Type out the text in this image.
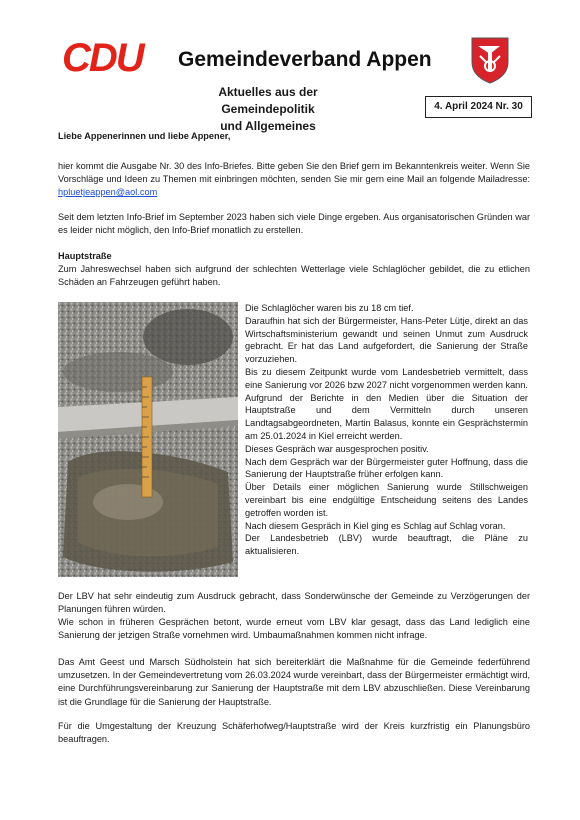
CDU Gemeindeverband Appen
Aktuelles aus der Gemeindepolitik
und Allgemeines
4. April 2024 Nr. 30
Liebe Appenerinnen und liebe Appener,
hier kommt die Ausgabe Nr. 30 des Info-Briefes. Bitte geben Sie den Brief gern im Bekanntenkreis weiter. Wenn Sie Vorschläge und Ideen zu Themen mit einbringen möchten, senden Sie mir gern eine Mail an folgende Mailadresse: hpluetjeappen@aol.com
Seit dem letzten Info-Brief im September 2023 haben sich viele Dinge ergeben. Aus organisatorischen Gründen war es leider nicht möglich, den Info-Brief monatlich zu erstellen.
Hauptstraße
Zum Jahreswechsel haben sich aufgrund der schlechten Wetterlage viele Schlaglöcher gebildet, die zu etlichen Schäden an Fahrzeugen geführt haben.

Die Schlaglöcher waren bis zu 18 cm tief.

Daraufhin hat sich der Bürgermeister, Hans-Peter Lütje, direkt an das Wirtschaftsministerium gewandt und seinen Unmut zum Ausdruck gebracht. Er hat das Land aufgefordert, die Sanierung der Straße vorzuziehen.

Bis zu diesem Zeitpunkt wurde vom Landesbetrieb vermittelt, dass eine Sanierung vor 2026 bzw 2027 nicht vorgenommen werden kann.

Aufgrund der Berichte in den Medien über die Situation der Hauptstraße und dem Vermitteln durch unseren Landtagsabgeordneten, Martin Balasus, konnte ein Gesprächstermin am 25.01.2024 in Kiel erreicht werden.

Dieses Gespräch war ausgesprochen positiv.

Nach dem Gespräch war der Bürgermeister guter Hoffnung, dass die Sanierung der Hauptstraße früher erfolgen kann.

Über Details einer möglichen Sanierung wurde Stillschweigen vereinbart bis eine endgültige Entscheidung seitens des Landes getroffen worden ist.

Nach diesem Gespräch in Kiel ging es Schlag auf Schlag voran.

Der Landesbetrieb (LBV) wurde beauftragt, die Pläne zu aktualisieren.

Der LBV hat sehr eindeutig zum Ausdruck gebracht, dass Sonderwünsche der Gemeinde zu Verzögerungen der Planungen führen würden.
Wie schon in früheren Gesprächen betont, wurde erneut vom LBV klar gesagt, dass das Land lediglich eine Sanierung der jetzigen Straße vornehmen wird. Umbaumaßnahmen kommen nicht infrage.
Das Amt Geest und Marsch Südholstein hat sich bereiterklärt die Maßnahme für die Gemeinde federführend umzusetzen. In der Gemeindevertretung vom 26.03.2024 wurde vereinbart, dass der Bürgermeister ermächtigt wird, eine Durchführungsvereinbarung zur Sanierung der Hauptstraße mit dem LBV abzuschließen. Diese Vereinbarung ist die Grundlage für die Sanierung der Hauptstraße.
Für die Umgestaltung der Kreuzung Schäferhofweg/Hauptstraße wird der Kreis kurzfristig ein Planungsbüro beauftragen.
